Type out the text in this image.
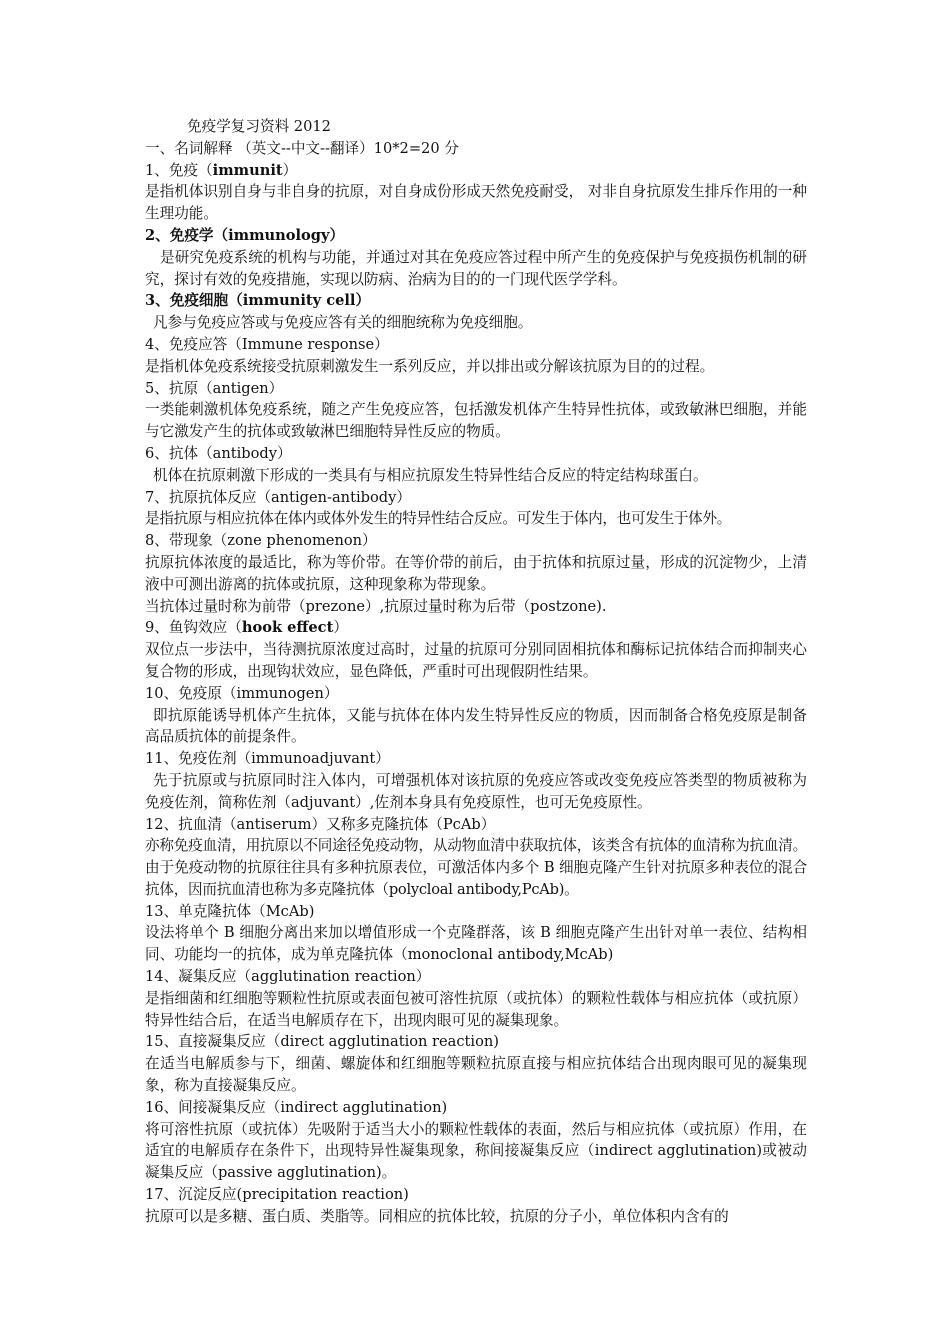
免疫学复习资料 2012
一、名词解释 （英文--中文--翻译）10*2=20 分
1、免疫（immunit）
是指机体识别自身与非自身的抗原，对自身成份形成天然免疫耐受， 对非自身抗原发生排斥作用的一种生理功能。
2、免疫学（immunology）
是研究免疫系统的机构与功能，并通过对其在免疫应答过程中所产生的免疫保护与免疫损伤机制的研究，探讨有效的免疫措施，实现以防病、治病为目的的一门现代医学学科。
3、免疫细胞（immunity cell）
凡参与免疫应答或与免疫应答有关的细胞统称为免疫细胞。
4、免疫应答（Immune response）
是指机体免疫系统接受抗原刺激发生一系列反应，并以排出或分解该抗原为目的的过程。
5、抗原（antigen）
一类能刺激机体免疫系统，随之产生免疫应答，包括激发机体产生特异性抗体，或致敏淋巴细胞，并能与它激发产生的抗体或致敏淋巴细胞特异性反应的物质。
6、抗体（antibody）
机体在抗原刺激下形成的一类具有与相应抗原发生特异性结合反应的特定结构球蛋白。
7、抗原抗体反应（antigen-antibody）
是指抗原与相应抗体在体内或体外发生的特异性结合反应。可发生于体内，也可发生于体外。
8、带现象（zone phenomenon）
抗原抗体浓度的最适比，称为等价带。在等价带的前后，由于抗体和抗原过量，形成的沉淀物少，上清液中可测出游离的抗体或抗原，这种现象称为带现象。
当抗体过量时称为前带（prezone）,抗原过量时称为后带（postzone).
9、鱼钩效应（hook effect）
双位点一步法中，当待测抗原浓度过高时，过量的抗原可分别同固相抗体和酶标记抗体结合而抑制夹心复合物的形成，出现钩状效应，显色降低，严重时可出现假阴性结果。
10、免疫原（immunogen）
即抗原能诱导机体产生抗体，又能与抗体在体内发生特异性反应的物质，因而制备合格免疫原是制备高品质抗体的前提条件。
11、免疫佐剂（immunoadjuvant）
先于抗原或与抗原同时注入体内，可增强机体对该抗原的免疫应答或改变免疫应答类型的物质被称为免疫佐剂，简称佐剂（adjuvant）,佐剂本身具有免疫原性，也可无免疫原性。
12、抗血清（antiserum）又称多克隆抗体（PcAb）
亦称免疫血清，用抗原以不同途径免疫动物，从动物血清中获取抗体，该类含有抗体的血清称为抗血清。由于免疫动物的抗原往往具有多种抗原表位，可激活体内多个 B 细胞克隆产生针对抗原多种表位的混合抗体，因而抗血清也称为多克隆抗体（polycloal antibody,PcAb)。
13、单克隆抗体（McAb)
设法将单个 B 细胞分离出来加以增值形成一个克隆群落，该 B 细胞克隆产生出针对单一表位、结构相同、功能均一的抗体，成为单克隆抗体（monoclonal antibody,McAb)
14、凝集反应（agglutination reaction）
是指细菌和红细胞等颗粒性抗原或表面包被可溶性抗原（或抗体）的颗粒性载体与相应抗体（或抗原）特异性结合后，在适当电解质存在下，出现肉眼可见的凝集现象。
15、直接凝集反应（direct agglutination reaction)
在适当电解质参与下，细菌、螺旋体和红细胞等颗粒抗原直接与相应抗体结合出现肉眼可见的凝集现象，称为直接凝集反应。
16、间接凝集反应（indirect agglutination)
将可溶性抗原（或抗体）先吸附于适当大小的颗粒性载体的表面，然后与相应抗体（或抗原）作用，在适宜的电解质存在条件下，出现特异性凝集现象，称间接凝集反应（indirect agglutination)或被动凝集反应（passive agglutination)。
17、沉淀反应(precipitation reaction)
抗原可以是多糖、蛋白质、类脂等。同相应的抗体比较，抗原的分子小，单位体积内含有的
